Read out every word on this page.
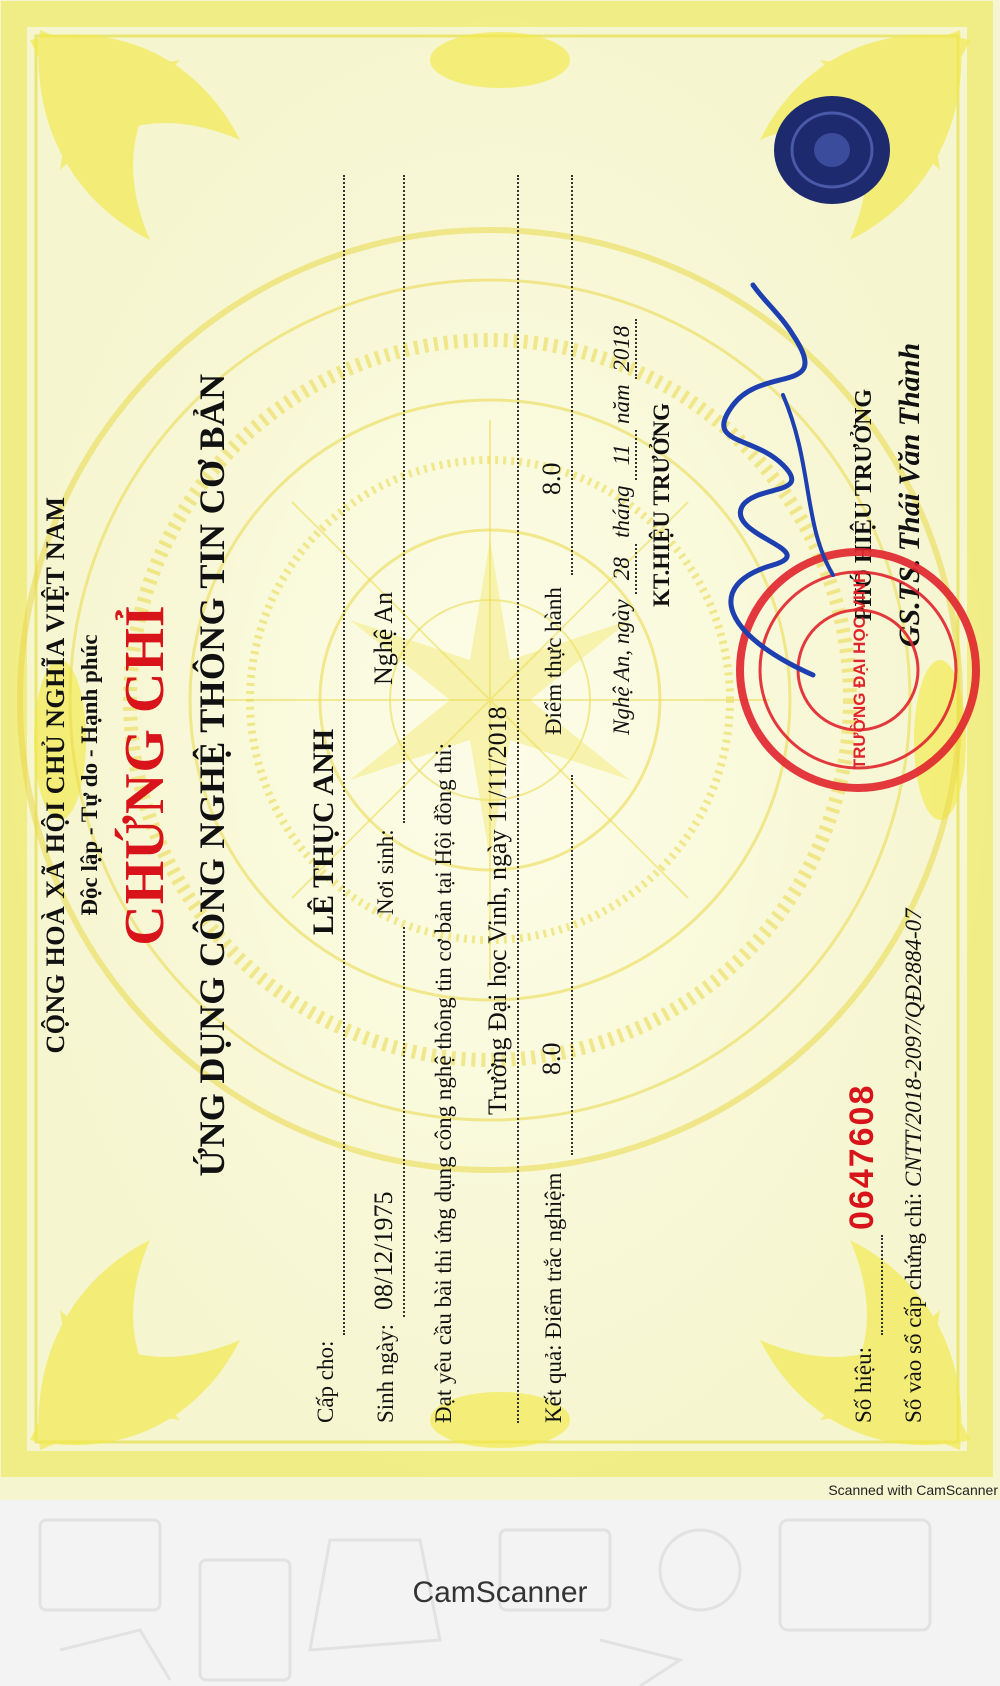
CỘNG HOÀ XÃ HỘI CHỦ NGHĨA VIỆT NAM Độc lập - Tự do - Hạnh phúc CHỨNG CHỈ ỨNG DỤNG CÔNG NGHỆ THÔNG TIN CƠ BẢN
Cấp cho:
LÊ THỤC ANH
Sinh ngày:
08/12/1975
Nơi sinh:
Nghệ An
Đạt yêu cầu bài thi ứng dụng công nghệ thông tin cơ bản tại Hội đồng thi: Trường Đại học Vinh, ngày 11/11/2018
Kết quả: Điểm trắc nghiệm
8.0
Điểm thực hành
8.0
Nghệ An, ngày 28 tháng 11 năm 2018
KT.HIỆU TRƯỞNG	PHÓ HIỆU TRƯỞNG GS.TS. Thái Văn Thành
Số hiệu:
0647608
Số vào sổ cấp chứng chỉ: CNTT/2018-2097/QĐ2884-07
TRƯỜNG ĐẠI HỌC VINH
Scanned with CamScanner
CamScanner
